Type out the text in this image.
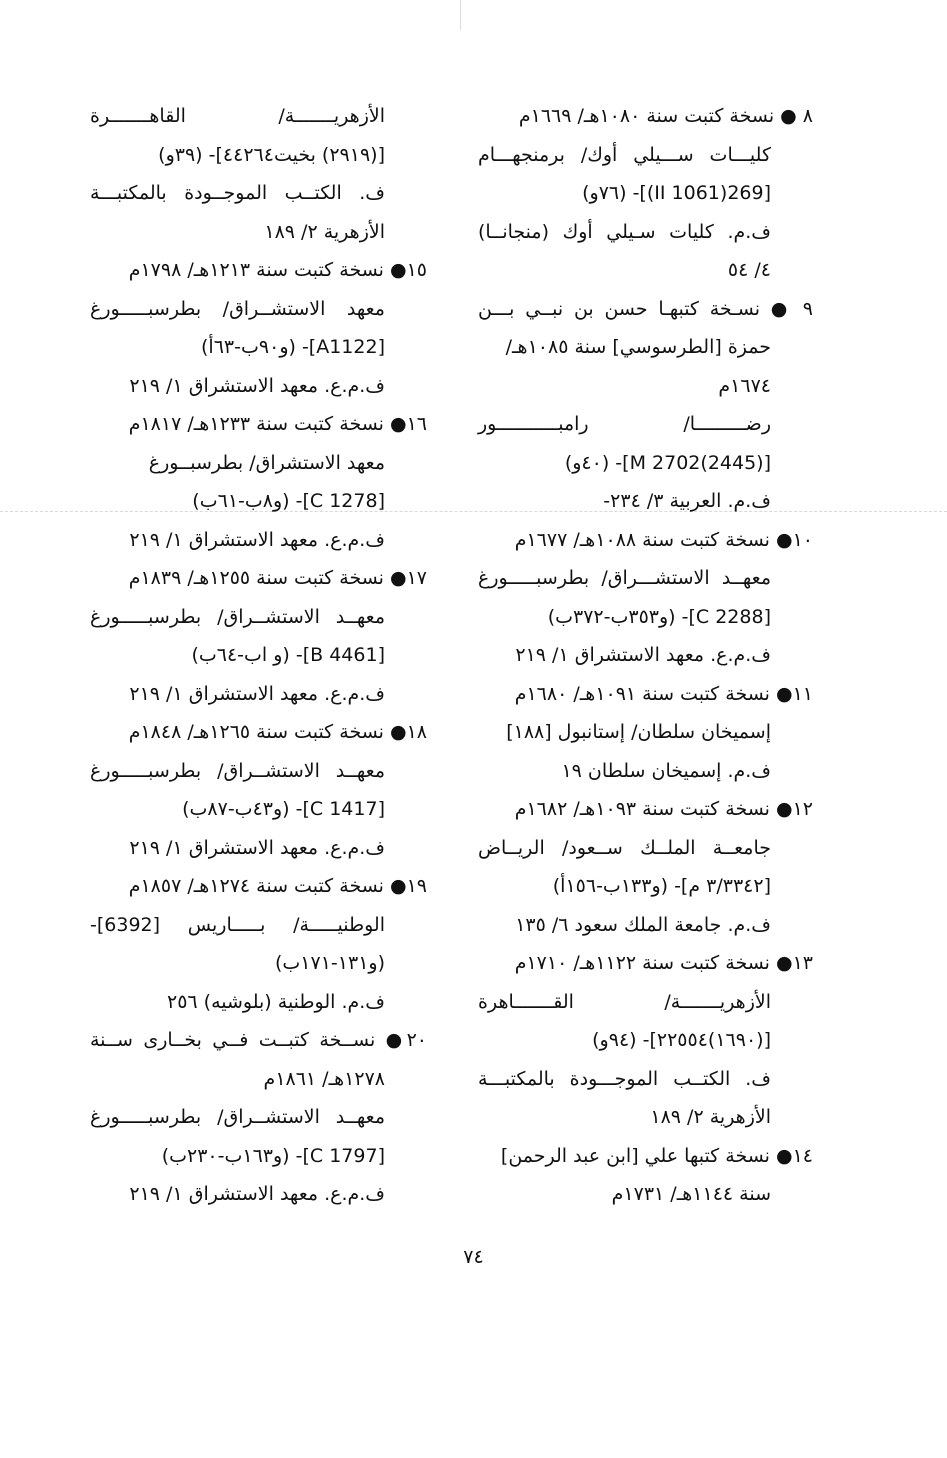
٨ ● نسخة كتبت سنة ١٠٨٠هـ/ ١٦٦٩م
كليـــات ســـيلي أوك/ برمنجهـــام
[269(1061 II)]- (٧٦و)
ف.م. كليات سـيلي أوك (منجانــا)
٤/ ٥٤
٩ ● نسـخة كتبهـا حسن بن نبــي بـــن
حمزة [الطرسوسي] سنة ١٠٨٥هـ/
١٦٧٤م
رضـــــــــا/ رامبـــــــــــور
[(2445)2702 M]- (٤٠و)
ف.م. العربية ٣/ ٢٣٤-
١٠● نسخة كتبت سنة ١٠٨٨هـ/ ١٦٧٧م
معهــد الاستشـــراق/ بطرسبـــــورغ
[C 2288]- (و٣٥٣ب-٣٧٢ب)
ف.م.ع. معهد الاستشراق ١/ ٢١٩
١١● نسخة كتبت سنة ١٠٩١هـ/ ١٦٨٠م
إسميخان سلطان/ إستانبول [١٨٨]
ف.م. إسميخان سلطان ١٩
١٢● نسخة كتبت سنة ١٠٩٣هـ/ ١٦٨٢م
جامعــة الملــك ســعود/ الريــاض
[٣/٣٣٤٢ م]- (و١٣٣ب-١٥٦أ)
ف.م. جامعة الملك سعود ٦/ ١٣٥
١٣● نسخة كتبت سنة ١١٢٢هـ/ ١٧١٠م
الأزهريـــــــة/ القـــــــاهرة
[(١٦٩٠)٢٢٥٥٤]- (٩٤و)
ف. الكتــب الموجـــودة بالمكتبـــة
الأزهرية ٢/ ١٨٩
١٤● نسخة كتبها علي [ابن عبد الرحمن]
سنة ١١٤٤هـ/ ١٧٣١م
الأزهريـــــــة/ القاهـــــــرة
[(٢٩١٩) بخيت٤٤٢٦٤]- (٣٩و)
ف. الكتــب الموجــودة بالمكتبـــة
الأزهرية ٢/ ١٨٩
١٥● نسخة كتبت سنة ١٢١٣هـ/ ١٧٩٨م
معهد الاستشــراق/ بطرسبـــــورغ
[A1122]- (و٩٠ب-٦٣أ)
ف.م.ع. معهد الاستشراق ١/ ٢١٩
١٦● نسخة كتبت سنة ١٢٣٣هـ/ ١٨١٧م
معهد الاستشراق/ بطرسبــورغ
[C 1278]- (و٨ب-٦١ب)
ف.م.ع. معهد الاستشراق ١/ ٢١٩
١٧● نسخة كتبت سنة ١٢٥٥هـ/ ١٨٣٩م
معهــد الاستشــراق/ بطرسبـــــورغ
[B 4461]- (و اب-٦٤ب)
ف.م.ع. معهد الاستشراق ١/ ٢١٩
١٨● نسخة كتبت سنة ١٢٦٥هـ/ ١٨٤٨م
معهــد الاستشــراق/ بطرسبـــــورغ
[C 1417]- (و٤٣ب-٨٧ب)
ف.م.ع. معهد الاستشراق ١/ ٢١٩
١٩● نسخة كتبت سنة ١٢٧٤هـ/ ١٨٥٧م
الوطنيـــــة/ بـــــاريس [6392]-
(و١٣١-١٧١ب)
ف.م. الوطنية (بلوشيه) ٢٥٦
٢٠● نســخة كتبــت فــي بخــارى ســنة
١٢٧٨هـ/ ١٨٦١م
معهــد الاستشــراق/ بطرسبـــــورغ
[C 1797]- (و١٦٣ب-٢٣٠ب)
ف.م.ع. معهد الاستشراق ١/ ٢١٩
٧٤
